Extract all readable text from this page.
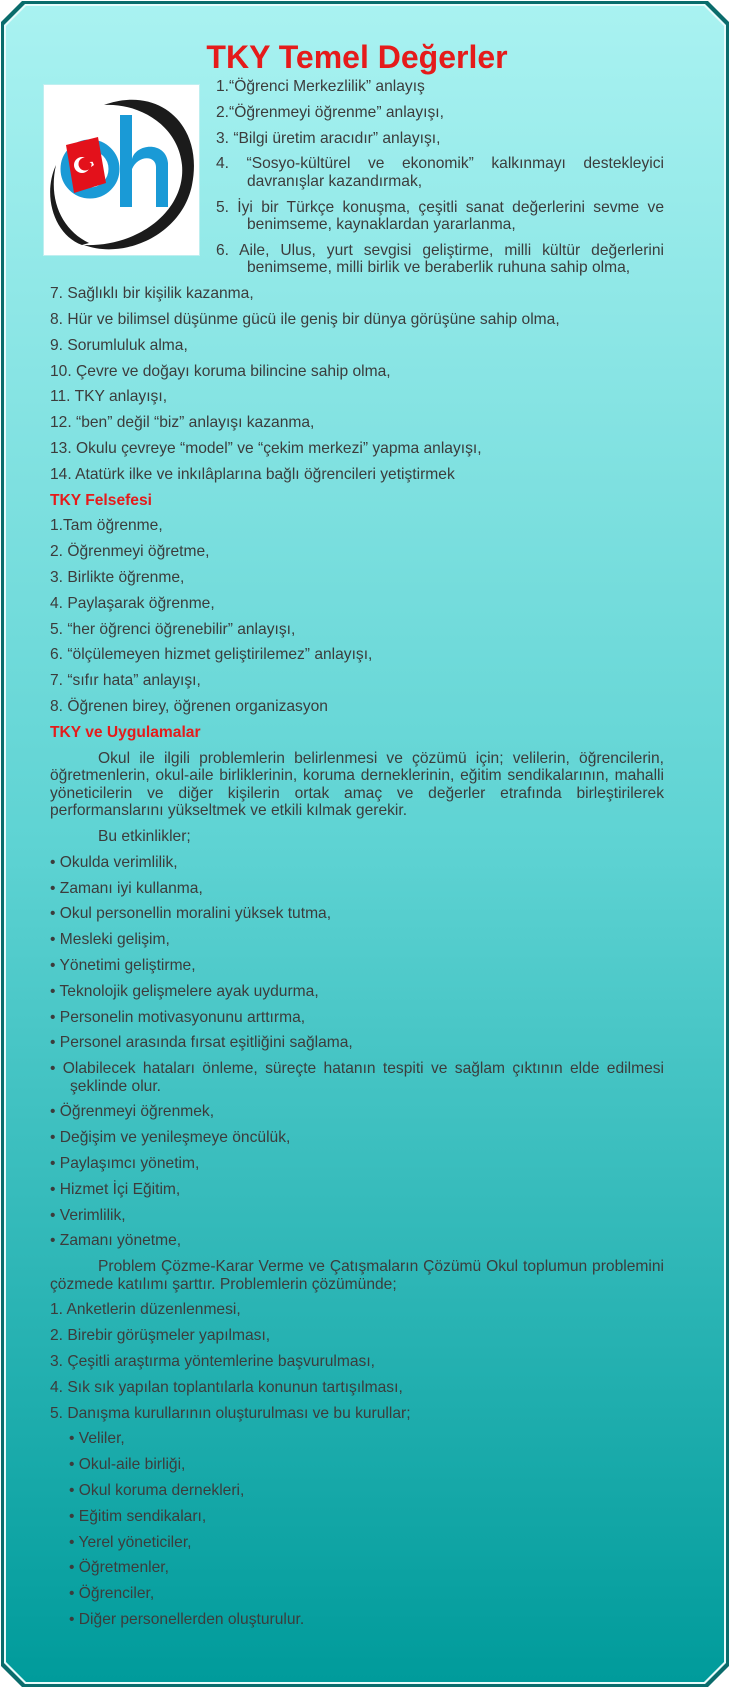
TKY Temel Değerler
1.“Öğrenci Merkezlilik” anlayış
2.“Öğrenmeyi öğrenme” anlayışı,
3. “Bilgi üretim aracıdır” anlayışı,
4. “Sosyo-kültürel ve ekonomik” kalkınmayı destekleyici davranışlar kazandırmak,
5. İyi bir Türkçe konuşma, çeşitli sanat değerlerini sevme ve benimseme, kaynaklardan yararlanma,
6. Aile, Ulus, yurt sevgisi geliştirme, milli kültür değerlerini benimseme, milli birlik ve beraberlik ruhuna sahip olma,
7. Sağlıklı bir kişilik kazanma,
8. Hür ve bilimsel düşünme gücü ile geniş bir dünya görüşüne sahip olma,
9. Sorumluluk alma,
10. Çevre ve doğayı koruma bilincine sahip olma,
11. TKY anlayışı,
12. “ben” değil “biz” anlayışı kazanma,
13. Okulu çevreye “model” ve “çekim merkezi” yapma anlayışı,
14. Atatürk ilke ve inkılâplarına bağlı öğrencileri yetiştirmek
TKY Felsefesi
1.Tam öğrenme,
2. Öğrenmeyi öğretme,
3. Birlikte öğrenme,
4. Paylaşarak öğrenme,
5. “her öğrenci öğrenebilir” anlayışı,
6. “ölçülemeyen hizmet geliştirilemez” anlayışı,
7. “sıfır hata” anlayışı,
8. Öğrenen birey, öğrenen organizasyon
TKY ve Uygulamalar
Okul ile ilgili problemlerin belirlenmesi ve çözümü için; velilerin, öğrencilerin, öğretmenlerin, okul-aile birliklerinin, koruma derneklerinin, eğitim sendikalarının, mahalli yöneticilerin ve diğer kişilerin ortak amaç ve değerler etrafında birleştirilerek performanslarını yükseltmek ve etkili kılmak gerekir.
Bu etkinlikler;
• Okulda verimlilik,
• Zamanı iyi kullanma,
• Okul personellin moralini yüksek tutma,
• Mesleki gelişim,
• Yönetimi geliştirme,
• Teknolojik gelişmelere ayak uydurma,
• Personelin motivasyonunu arttırma,
• Personel arasında fırsat eşitliğini sağlama,
• Olabilecek hataları önleme, süreçte hatanın tespiti ve sağlam çıktının elde edilmesi şeklinde olur.
• Öğrenmeyi öğrenmek,
• Değişim ve yenileşmeye öncülük,
• Paylaşımcı yönetim,
• Hizmet İçi Eğitim,
• Verimlilik,
• Zamanı yönetme,
Problem Çözme-Karar Verme ve Çatışmaların Çözümü Okul toplumun problemini çözmede katılımı şarttır. Problemlerin çözümünde;
1. Anketlerin düzenlenmesi,
2. Birebir görüşmeler yapılması,
3. Çeşitli araştırma yöntemlerine başvurulması,
4. Sık sık yapılan toplantılarla konunun tartışılması,
5. Danışma kurullarının oluşturulması ve bu kurullar;
• Veliler,
• Okul-aile birliği,
• Okul koruma dernekleri,
• Eğitim sendikaları,
• Yerel yöneticiler,
• Öğretmenler,
• Öğrenciler,
• Diğer personellerden oluşturulur.
